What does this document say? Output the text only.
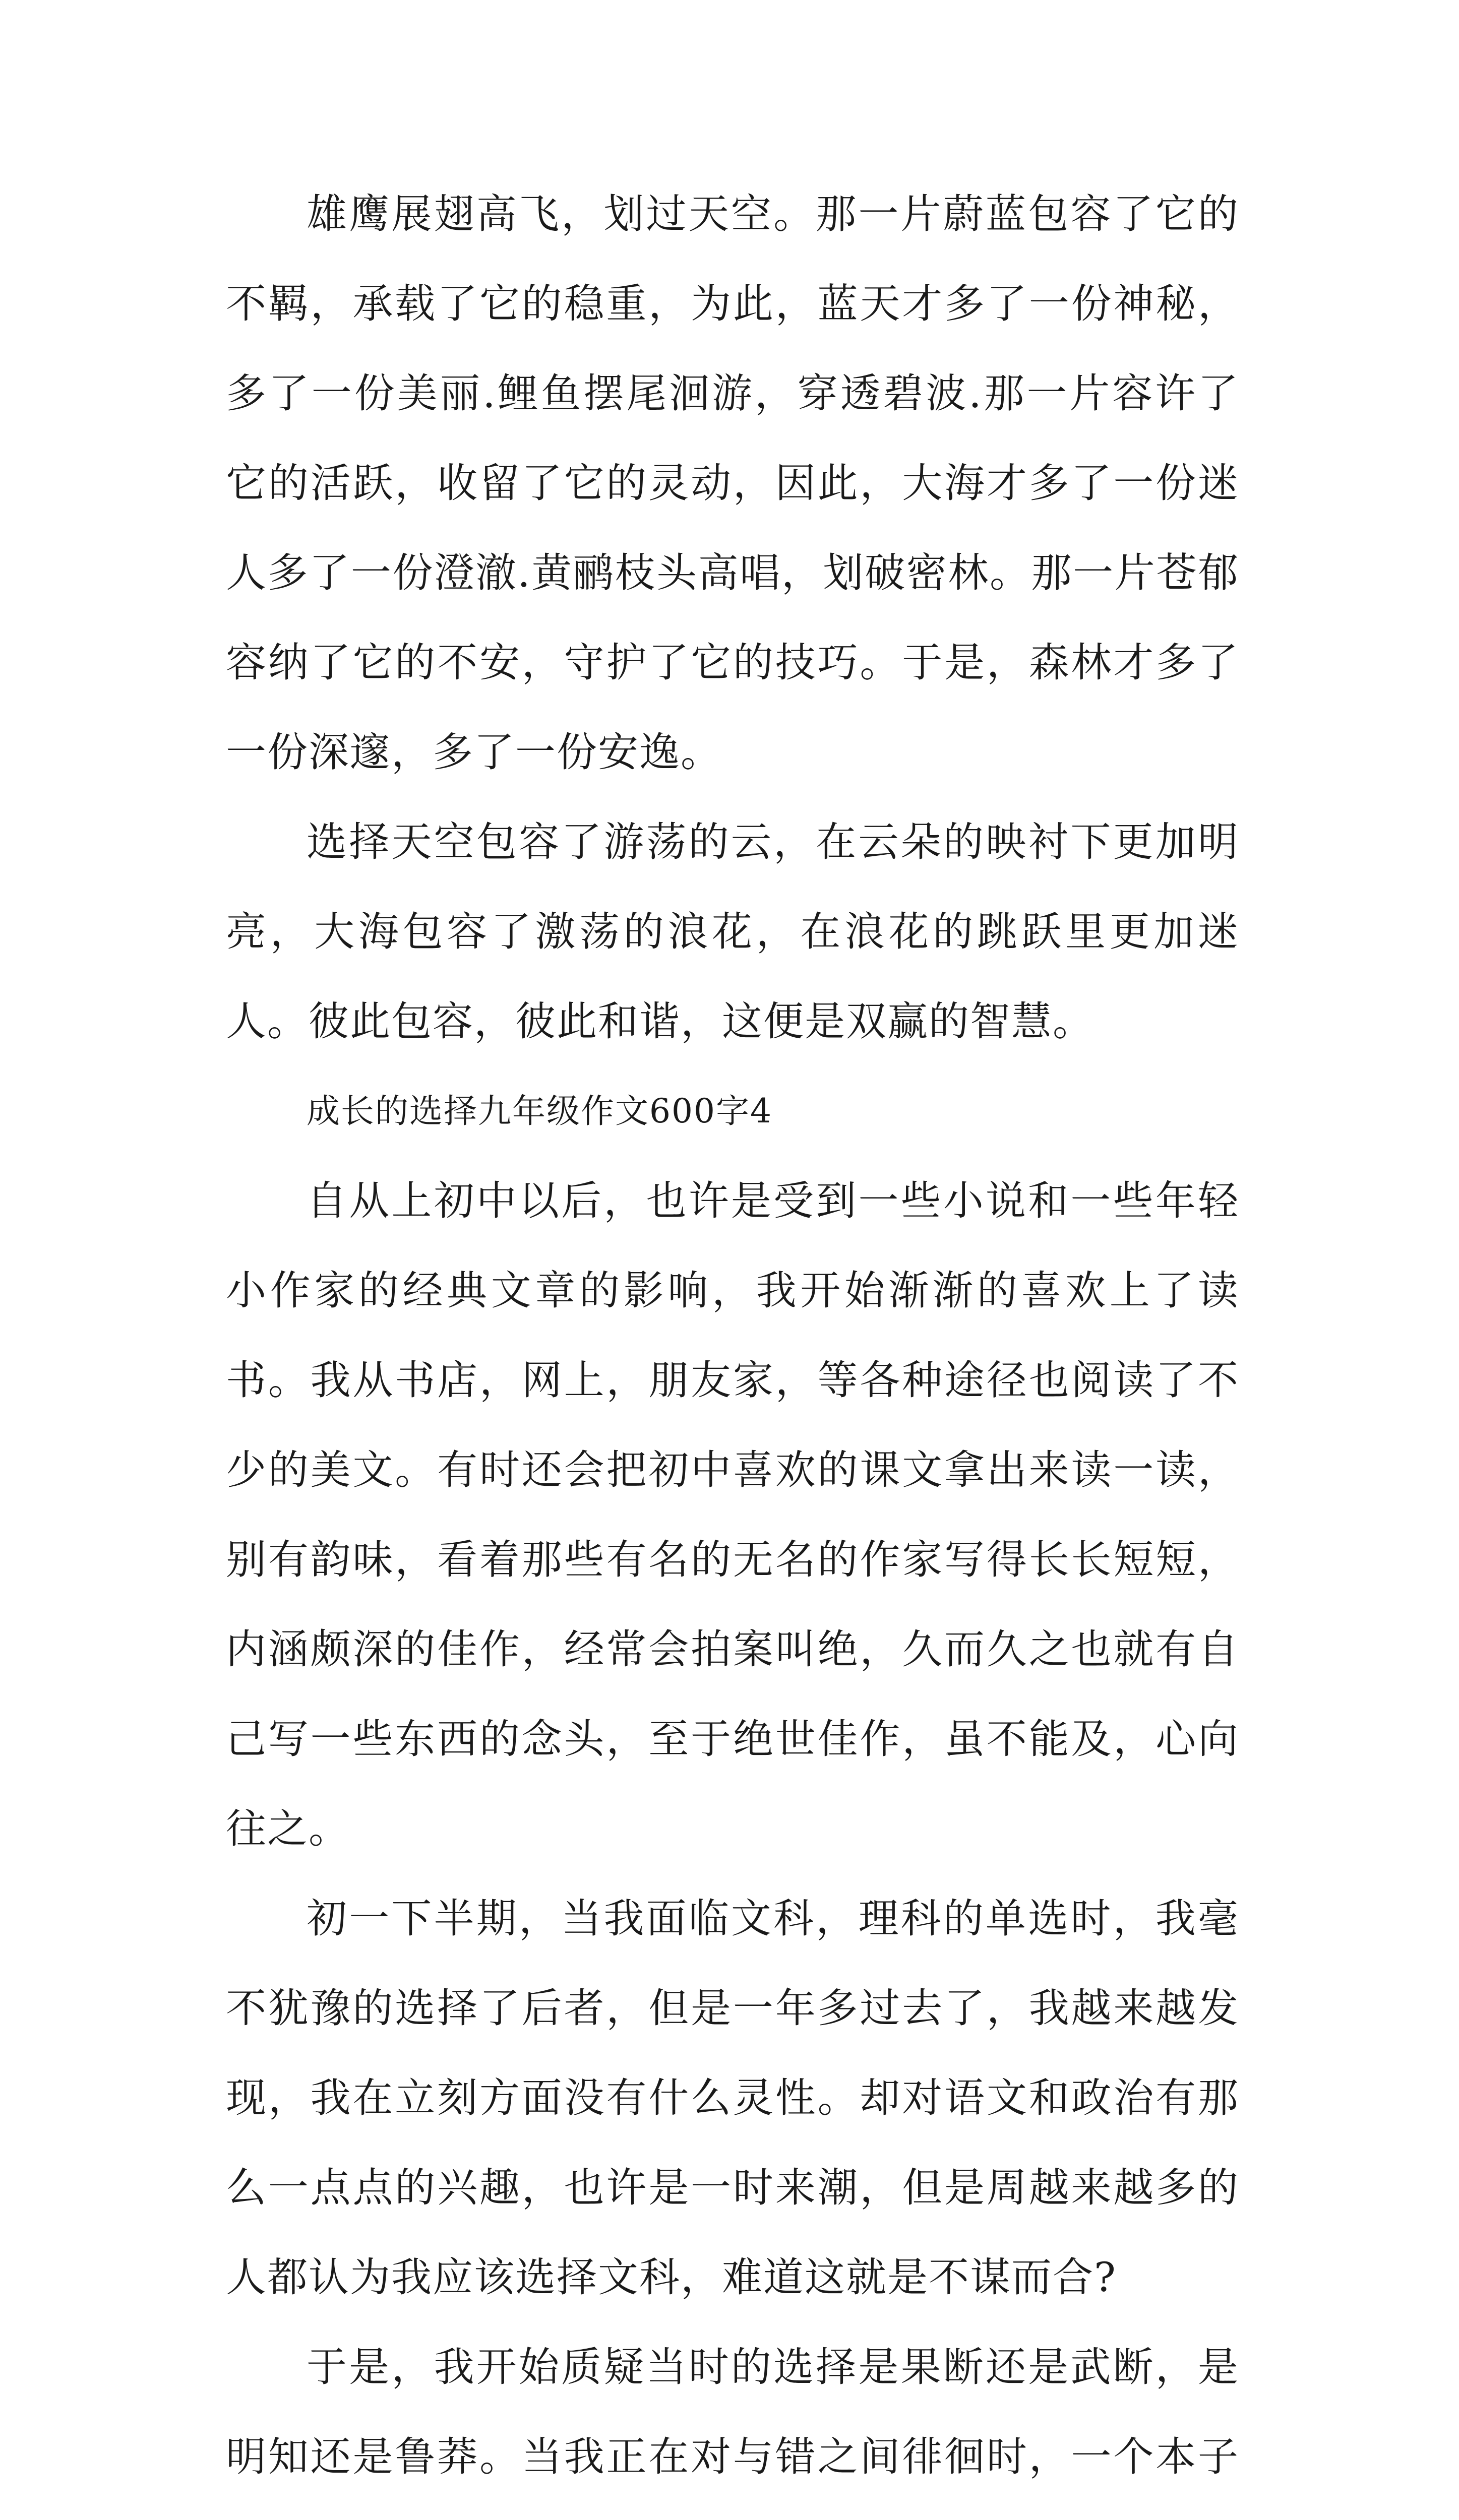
雄鹰展翅高飞，划过天空。那一片蔚蓝包容了它的不羁，承载了它的稳重，为此，蓝天才多了一份神秘，多了一份美丽.鲤鱼摆尾洄游，穿透碧波.那一片容许了它的活跃，收留了它的灵动，因此，大海才多了一份迷人多了一份澄澈.黄鹂枝头高唱，划破密林。那一片苍郁容纳了它的不安，守护了它的技巧。于是，森林才多了一份深邃，多了一份安逸。

选择天空包容了游荡的云，在云朵的映衬下更加明亮，大海包容了激荡的浪花，在浪花的跳跃里更加迷人。彼此包容，彼此和谐，这便是双赢的智慧。

成长的选择九年级作文600字4

自从上初中以后，也许是受到一些小说和一些年轻小作家的经典文章的影响，我开始渐渐的喜欢上了读书。我从书店，网上，朋友家，等各种途径也阅读了不少的美文。有时还会把初中喜欢的课文拿出来读一读，别有韵味，看着那些有名的无名的作家写得长长短短，内涵颇深的佳作，经常会拍案叫绝，久而久之也就有自己写一些东西的念头，至于绝世佳作，虽不能及，心向往之。

初一下半期，当我面临文科，理科的单选时，我毫不犹豫的选择了后者，但是一年多过去了，我越来越发现，我在立刻方面没有什么灵性。却对语文和政治有那么一点点的兴趣，也许是一时来潮，但是周越来越多的人都认为我应该选择文科，难道这就是不谋而合?

于是，我开始质疑当时的选择是果断还是武断，是明知还是鲁莽。当我正在对与错之间徘徊时，一个本子
